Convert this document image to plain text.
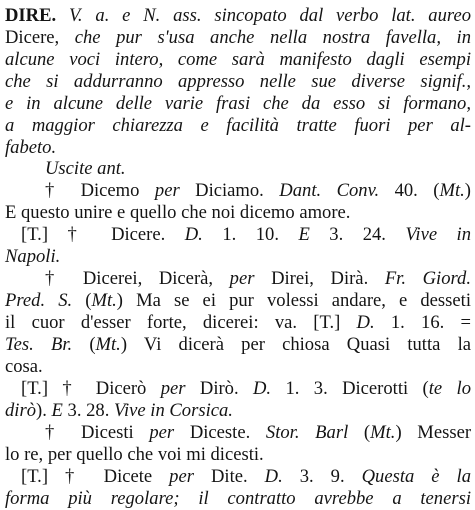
DIRE. V. a. e N. ass. sincopato dal verbo lat. aureo
Dicere, che pur s'usa anche nella nostra favella, in
alcune voci intero, come sarà manifesto dagli esempi
che si addurranno appresso nelle sue diverse signif.,
e in alcune delle varie frasi che da esso si formano,
a maggior chiarezza e facilità tratte fuori per al-
fabeto.
Uscite ant.
† Dicemo per Diciamo. Dant. Conv. 40. (Mt.)
E questo unire e quello che noi dicemo amore.
[T.] † Dicere. D. 1. 10. E 3. 24. Vive in
Napoli.
† Dicerei, Dicerà, per Direi, Dirà. Fr. Giord.
Pred. S. (Mt.) Ma se ei pur volessi andare, e desseti
il cuor d'esser forte, dicerei: va. [T.] D. 1. 16. =
Tes. Br. (Mt.) Vi dicerà per chiosa Quasi tutta la
cosa.
[T.] † Dicerò per Dirò. D. 1. 3. Dicerotti (te lo
dirò). E 3. 28. Vive in Corsica.
† Dicesti per Diceste. Stor. Barl (Mt.) Messer
lo re, per quello che voi mi dicesti.
[T.] † Dicete per Dite. D. 3. 9. Questa è la
forma più regolare; il contratto avrebbe a tenersi
